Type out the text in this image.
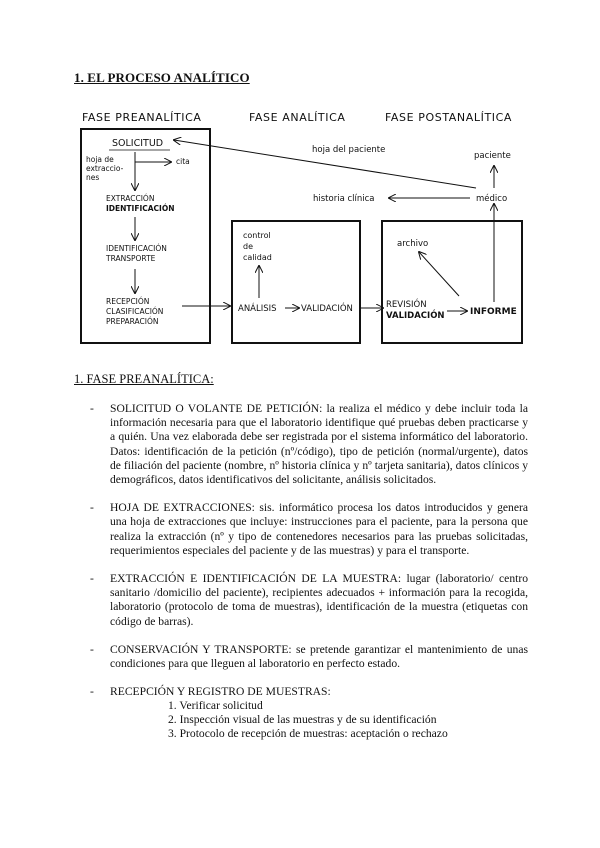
1. EL PROCESO ANALÍTICO
FASE PREANALÍTICA	FASE ANALÍTICA	FASE POSTANALÍTICA
SOLICITUD
hoja de
extraccio-
nes
cita
EXTRACCIÓN
IDENTIFICACIÓN
IDENTIFICACIÓN
TRANSPORTE
RECEPCIÓN
CLASIFICACIÓN
PREPARACIÓN
control
de
calidad
ANÁLISIS	VALIDACIÓN
archivo
REVISIÓN
VALIDACIÓN	INFORME
médico
paciente
historia clínica
hoja del paciente
1. FASE PREANALÍTICA:
- SOLICITUD O VOLANTE DE PETICIÓN: la realiza el médico y debe incluir toda la información necesaria para que el laboratorio identifique qué pruebas deben practicarse y a quién. Una vez elaborada debe ser registrada por el sistema informático del laboratorio. Datos: identificación de la petición (nº/código), tipo de petición (normal/urgente), datos de filiación del paciente (nombre, nº historia clínica y nº tarjeta sanitaria), datos clínicos y demográficos, datos identificativos del solicitante, análisis solicitados.
- HOJA DE EXTRACCIONES: sis. informático procesa los datos introducidos y genera una hoja de extracciones que incluye: instrucciones para el paciente, para la persona que realiza la extracción (nº y tipo de contenedores necesarios para las pruebas solicitadas, requerimientos especiales del paciente y de las muestras) y para el transporte.
- EXTRACCIÓN E IDENTIFICACIÓN DE LA MUESTRA: lugar (laboratorio/ centro sanitario /domicilio del paciente), recipientes adecuados + información para la recogida, laboratorio (protocolo de toma de muestras), identificación de la muestra (etiquetas con código de barras).
- CONSERVACIÓN Y TRANSPORTE: se pretende garantizar el mantenimiento de unas condiciones para que lleguen al laboratorio en perfecto estado.
- RECEPCIÓN Y REGISTRO DE MUESTRAS:
1. Verificar solicitud
2. Inspección visual de las muestras y de su identificación
3. Protocolo de recepción de muestras: aceptación o rechazo
